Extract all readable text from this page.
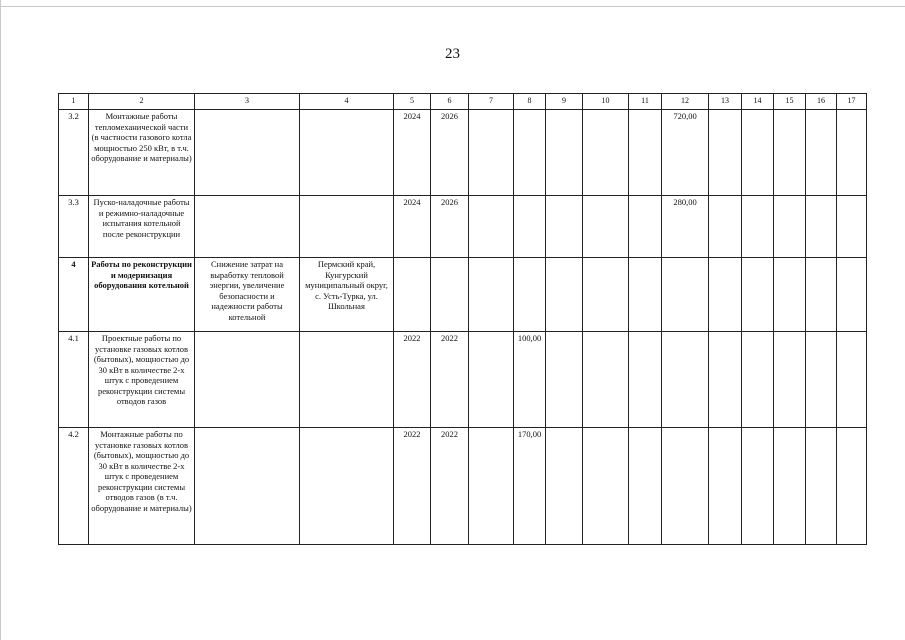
23
1	2	3	4	5	6	7	8	9	10	11	12	13	14	15	16	17
3.2	Монтажные работы тепломеханической части (в частности газового котла мощностью 250 кВт, в т.ч. оборудование и материалы)			2024	2026						720,00					
3.3	Пуско-наладочные работы и режимно-наладочные испытания котельной после реконструкции			2024	2026						280,00					
4	Работы по реконструкции и модернизация оборудования котельной	Снижение затрат на выработку тепловой энергии, увеличение безопасности и надежности работы котельной	Пермский край, Кунгурский муниципальный округ, с. Усть-Турка, ул. Школьная													
4.1	Проектные работы по установке газовых котлов (бытовых), мощностью до 30 кВт в количестве 2-х штук с проведением реконструкции системы отводов газов			2022	2022		100,00									
4.2	Монтажные работы по установке газовых котлов (бытовых), мощностью до 30 кВт в количестве 2-х штук с проведением реконструкции системы отводов газов (в т.ч. оборудование и материалы)			2022	2022		170,00									
